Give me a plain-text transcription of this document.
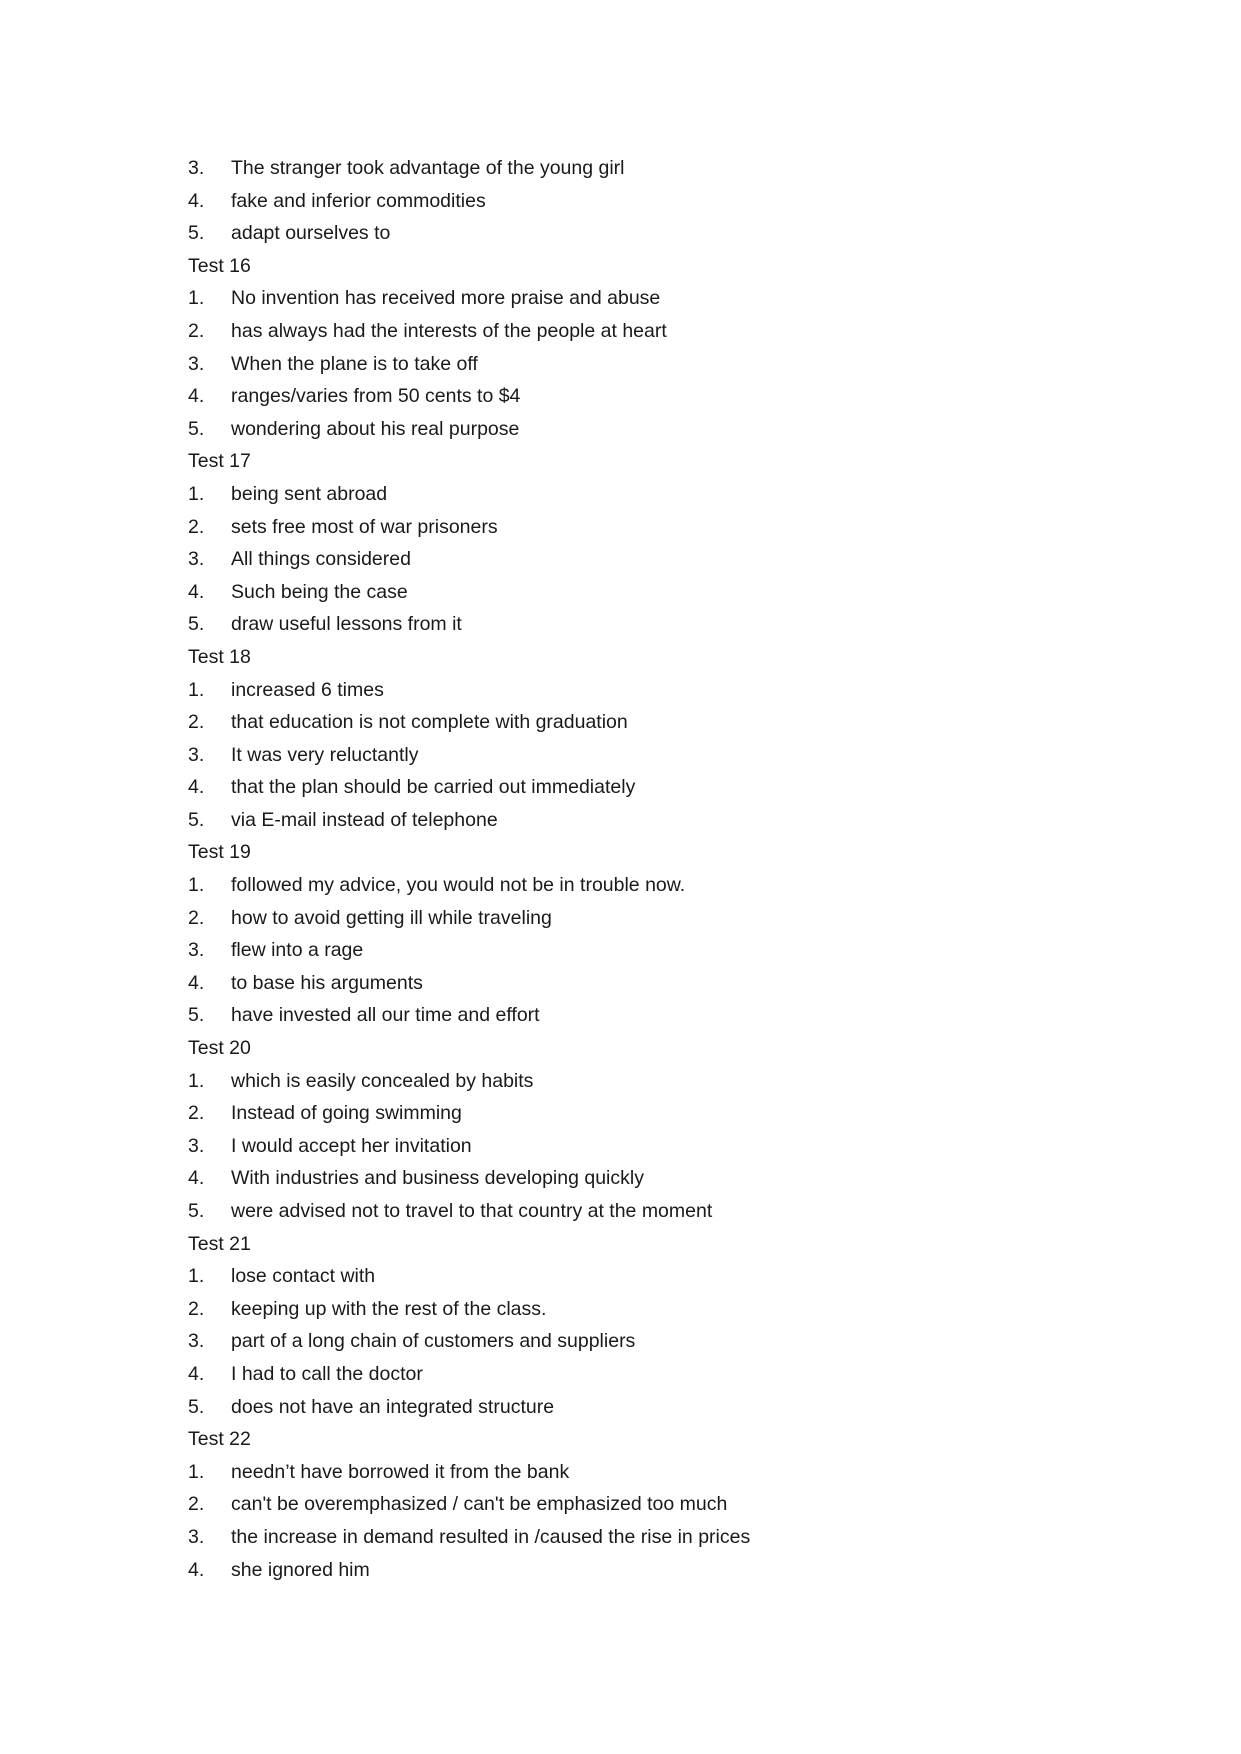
3. The stranger took advantage of the young girl
4. fake and inferior commodities
5. adapt ourselves to
Test 16
1. No invention has received more praise and abuse
2. has always had the interests of the people at heart
3. When the plane is to take off
4. ranges/varies from 50 cents to $4
5. wondering about his real purpose
Test 17
1. being sent abroad
2. sets free most of war prisoners
3. All things considered
4. Such being the case
5. draw useful lessons from it
Test 18
1. increased 6 times
2. that education is not complete with graduation
3. It was very reluctantly
4. that the plan should be carried out immediately
5. via E-mail instead of telephone
Test 19
1. followed my advice, you would not be in trouble now.
2. how to avoid getting ill while traveling
3. flew into a rage
4. to base his arguments
5. have invested all our time and effort
Test 20
1. which is easily concealed by habits
2. Instead of going swimming
3. I would accept her invitation
4. With industries and business developing quickly
5. were advised not to travel to that country at the moment
Test 21
1. lose contact with
2. keeping up with the rest of the class.
3. part of a long chain of customers and suppliers
4. I had to call the doctor
5. does not have an integrated structure
Test 22
1. needn’t have borrowed it from the bank
2. can't be overemphasized / can't be emphasized too much
3. the increase in demand resulted in /caused the rise in prices
4. she ignored him
